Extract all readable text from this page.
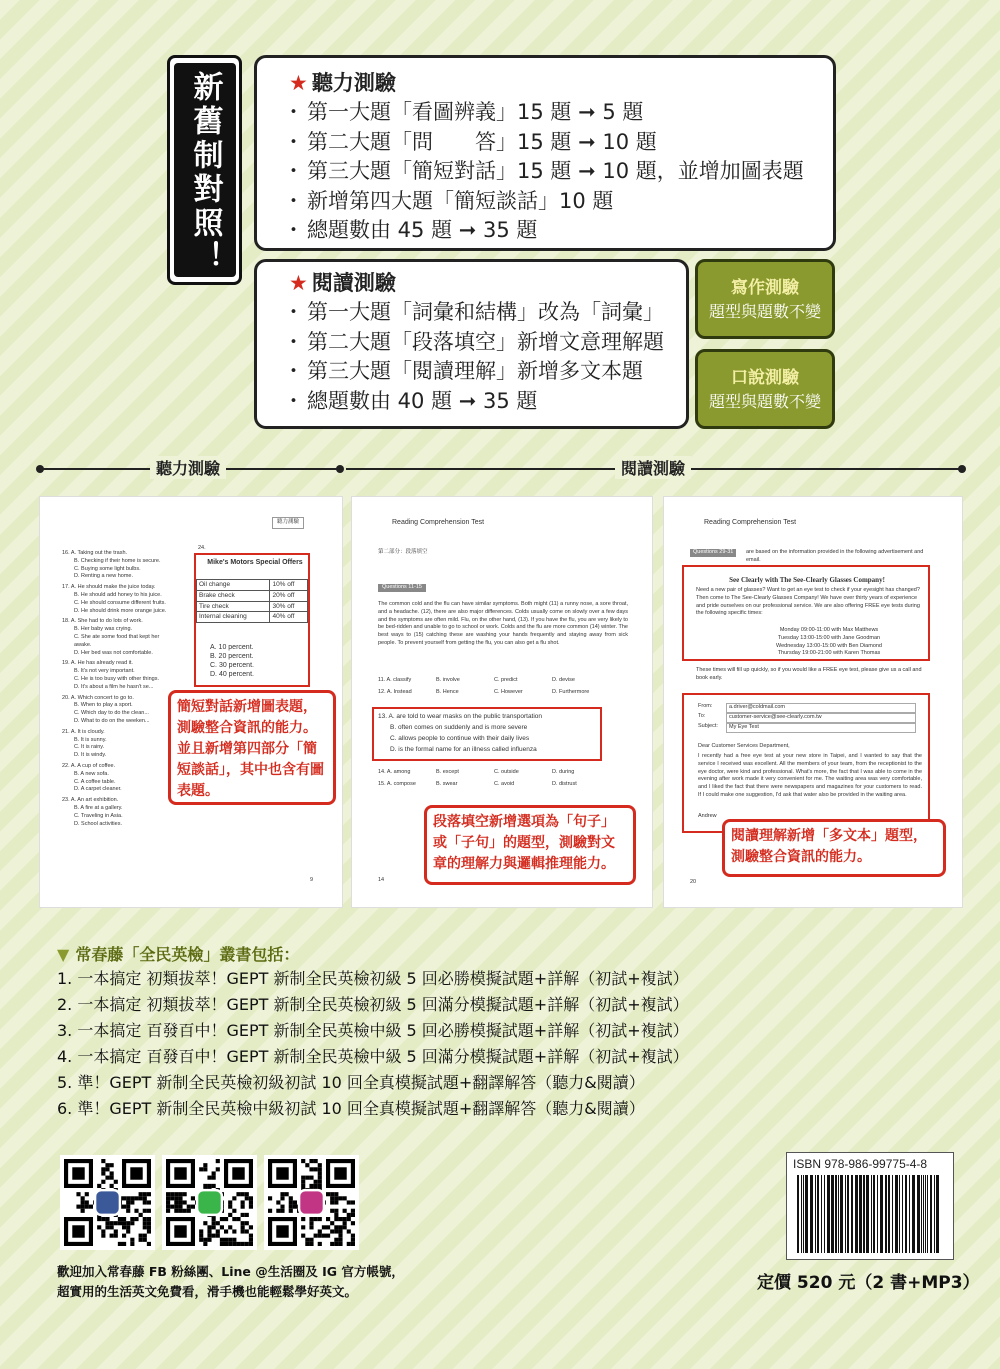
新舊制對照！	★ 聽力測驗
・ 第一大題「看圖辨義」15 題 ➞ 5 題
・ 第二大題「問　　答」15 題 ➞ 10 題
・ 第三大題「簡短對話」15 題 ➞ 10 題，並增加圖表題
・ 新增第四大題「簡短談話」10 題
・ 總題數由 45 題 ➞ 35 題
★ 閱讀測驗
・ 第一大題「詞彙和結構」改為「詞彙」
・ 第二大題「段落填空」新增文意理解題
・ 第三大題「閱讀理解」新增多文本題
・ 總題數由 40 題 ➞ 35 題
寫作測驗
題型與題數不變
口說測驗
題型與題數不變
聽力測驗	閱讀測驗
聽力測驗
16. A. Taking out the trash.
B. Checking if their home is secure.
C. Buying some light bulbs.
D. Renting a new home.
17. A. He should make the juice today.
B. He should add honey to his juice.
C. He should consume different fruits.
D. He should drink more orange juice.
18. A. She had to do lots of work.
B. Her baby was crying.
C. She ate some food that kept her
awake.
D. Her bed was not comfortable.
19. A. He has already read it.
B. It's not very important.
C. He is too busy with other things.
D. It's about a film he hasn't se...
20. A. Which concert to go to.
B. When to play a sport.
C. Which day to do the clean...
D. What to do on the weeken...
21. A. It is cloudy.
B. It is sunny.
C. It is rainy.
D. It is windy.
22. A. A cup of coffee.
B. A new sofa.
C. A coffee table.
D. A carpet cleaner.
23. A. An art exhibition.
B. A fire at a gallery.
C. Traveling in Asia.
D. School activities.
24.
Mike's Motors Special Offers
Oil change	10% off
Brake check	20% off
Tire check	30% off
Internal cleaning	40% off
A. 10 percent.
B. 20 percent.
C. 30 percent.
D. 40 percent.
簡短對話新增圖表題，測驗整合資訊的能力。並且新增第四部分「簡短談話」，其中也含有圖表題。
9
Reading Comprehension Test
第二部分：段落填空
Questions 11-15
The common cold and the flu can have similar symptoms. Both might (11) a runny nose, a sore throat, and a headache. (12), there are also major differences. Colds usually come on slowly over a few days and the symptoms are often mild. Flu, on the other hand, (13). If you have the flu, you are very likely to be bed-ridden and unable to go to school or work. Colds and the flu are more common (14) winter. The best ways to (15) catching these are washing your hands frequently and staying away from sick people. To prevent yourself from getting the flu, you can also get a flu shot.
11. A. classify	B. involve	C. predict	D. devise
12. A. Instead	B. Hence	C. However	D. Furthermore
13. A. are told to wear masks on the public transportation
B. often comes on suddenly and is more severe
C. allows people to continue with their daily lives
D. is the formal name for an illness called influenza
14. A. among	B. except	C. outside	D. during
15. A. compose	B. swear	C. avoid	D. distrust
段落填空新增選項為「句子」或「子句」的題型，測驗對文章的理解力與邏輯推理能力。
14
Reading Comprehension Test
Questions 29-31	are based on the information provided in the following advertisement and email.
See Clearly with The See-Clearly Glasses Company!
Need a new pair of glasses? Want to get an eye test to check if your eyesight has changed? Then come to The See-Clearly Glasses Company! We have over thirty years of experience and pride ourselves on our professional service. We are also offering FREE eye tests during the following specific times:
Monday 09:00-11:00 with Max Matthews
Tuesday 13:00-15:00 with Jane Goodman
Wednesday 13:00-15:00 with Ben Diamond
Thursday 19:00-21:00 with Karen Thomas
These times will fill up quickly, so if you would like a FREE eye test, please give us a call and book early.
From:	a.driver@coldmail.com
To:	customer-service@see-clearly.com.tw
Subject:	My Eye Test
Dear Customer Services Department,
I recently had a free eye test at your new store in Taipei, and I wanted to say that the service I received was excellent. All the members of your team, from the receptionist to the eye doctor, were kind and professional. What's more, the fact that I was able to come in the evening after work made it very convenient for me. The waiting area was very comfortable, and I liked the fact that there were newspapers and magazines for your customers to read. If I could make one suggestion, I'd ask that water also be provided in the waiting area.
Andrew
閱讀理解新增「多文本」題型，測驗整合資訊的能力。
20
▼ 常春藤「全民英檢」叢書包括：
1. 一本搞定 初類拔萃！GEPT 新制全民英檢初級 5 回必勝模擬試題+詳解（初試+複試）
2. 一本搞定 初類拔萃！GEPT 新制全民英檢初級 5 回滿分模擬試題+詳解（初試+複試）
3. 一本搞定 百發百中！GEPT 新制全民英檢中級 5 回必勝模擬試題+詳解（初試+複試）
4. 一本搞定 百發百中！GEPT 新制全民英檢中級 5 回滿分模擬試題+詳解（初試+複試）
5. 準！GEPT 新制全民英檢初級初試 10 回全真模擬試題+翻譯解答（聽力&閱讀）
6. 準！GEPT 新制全民英檢中級初試 10 回全真模擬試題+翻譯解答（聽力&閱讀）
歡迎加入常春藤 FB 粉絲團、Line @生活圈及 IG 官方帳號，
超實用的生活英文免費看，滑手機也能輕鬆學好英文。
ISBN 978-986-99775-4-8
定價 520 元（2 書+MP3）
